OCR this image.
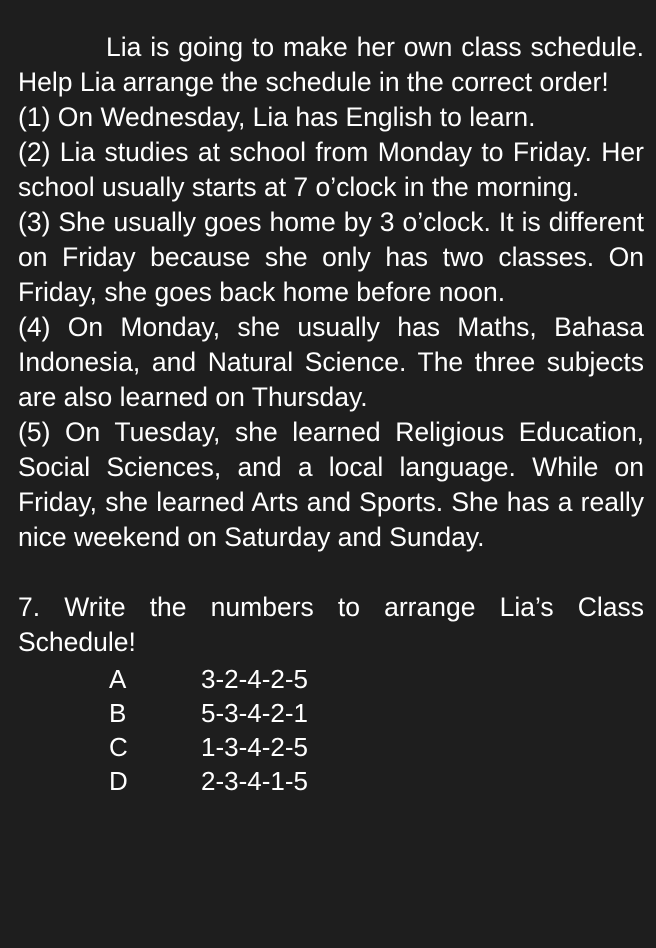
Lia is going to make her own class schedule. Help Lia arrange the schedule in the correct order!

(1) On Wednesday, Lia has English to learn.

(2) Lia studies at school from Monday to Friday. Her school usually starts at 7 o’clock in the morning.

(3) She usually goes home by 3 o’clock. It is different on Friday because she only has two classes. On Friday, she goes back home before noon.

(4) On Monday, she usually has Maths, Bahasa Indonesia, and Natural Science. The three subjects are also learned on Thursday.

(5) On Tuesday, she learned Religious Education, Social Sciences, and a local language. While on Friday, she learned Arts and Sports. She has a really nice weekend on Saturday and Sunday.

7. Write the numbers to arrange Lia’s Class Schedule!
A	3-2-4-2-5
B	5-3-4-2-1
C	1-3-4-2-5
D	2-3-4-1-5
